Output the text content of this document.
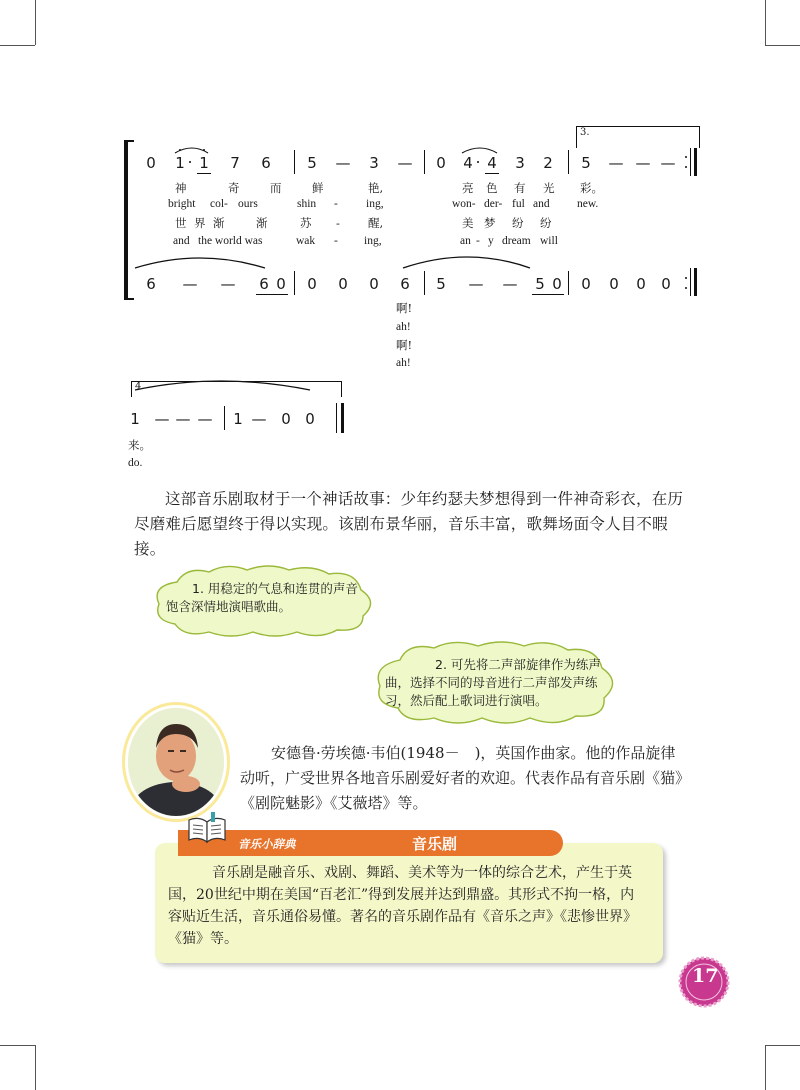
0 1 1 7 6 5 — 3 — 0 4 4 3 2 5 — — —
3.
神	奇	而	鲜	艳,	亮 色 有 光 彩。
bright col- ours	shin - ing,	won- der- ful and new.
世 界 渐	渐	苏 - 醒,	美 梦 纷 纷
and the world was	wak - ing,	an - y dream will
6 — — 6 0 0 0 0 6 5 — — 5 0 0 0 0 0
啊!
ah!
啊!
ah!
4.
1 — — — 1 — 0 0
来。
do.
这部音乐剧取材于一个神话故事：少年约瑟夫梦想得到一件神奇彩衣，在历尽磨难后愿望终于得以实现。该剧布景华丽，音乐丰富，歌舞场面令人目不暇接。
1. 用稳定的气息和连贯的声音饱含深情地演唱歌曲。
2. 可先将二声部旋律作为练声曲，选择不同的母音进行二声部发声练习，然后配上歌词进行演唱。
安德鲁·劳埃德·韦伯(1948－　)，英国作曲家。他的作品旋律动听，广受世界各地音乐剧爱好者的欢迎。代表作品有音乐剧《猫》《剧院魅影》《艾薇塔》等。
音乐小辞典	音乐剧
音乐剧是融音乐、戏剧、舞蹈、美术等为一体的综合艺术，产生于英国，20世纪中期在美国“百老汇”得到发展并达到鼎盛。其形式不拘一格，内容贴近生活，音乐通俗易懂。著名的音乐剧作品有《音乐之声》《悲惨世界》《猫》等。
17
